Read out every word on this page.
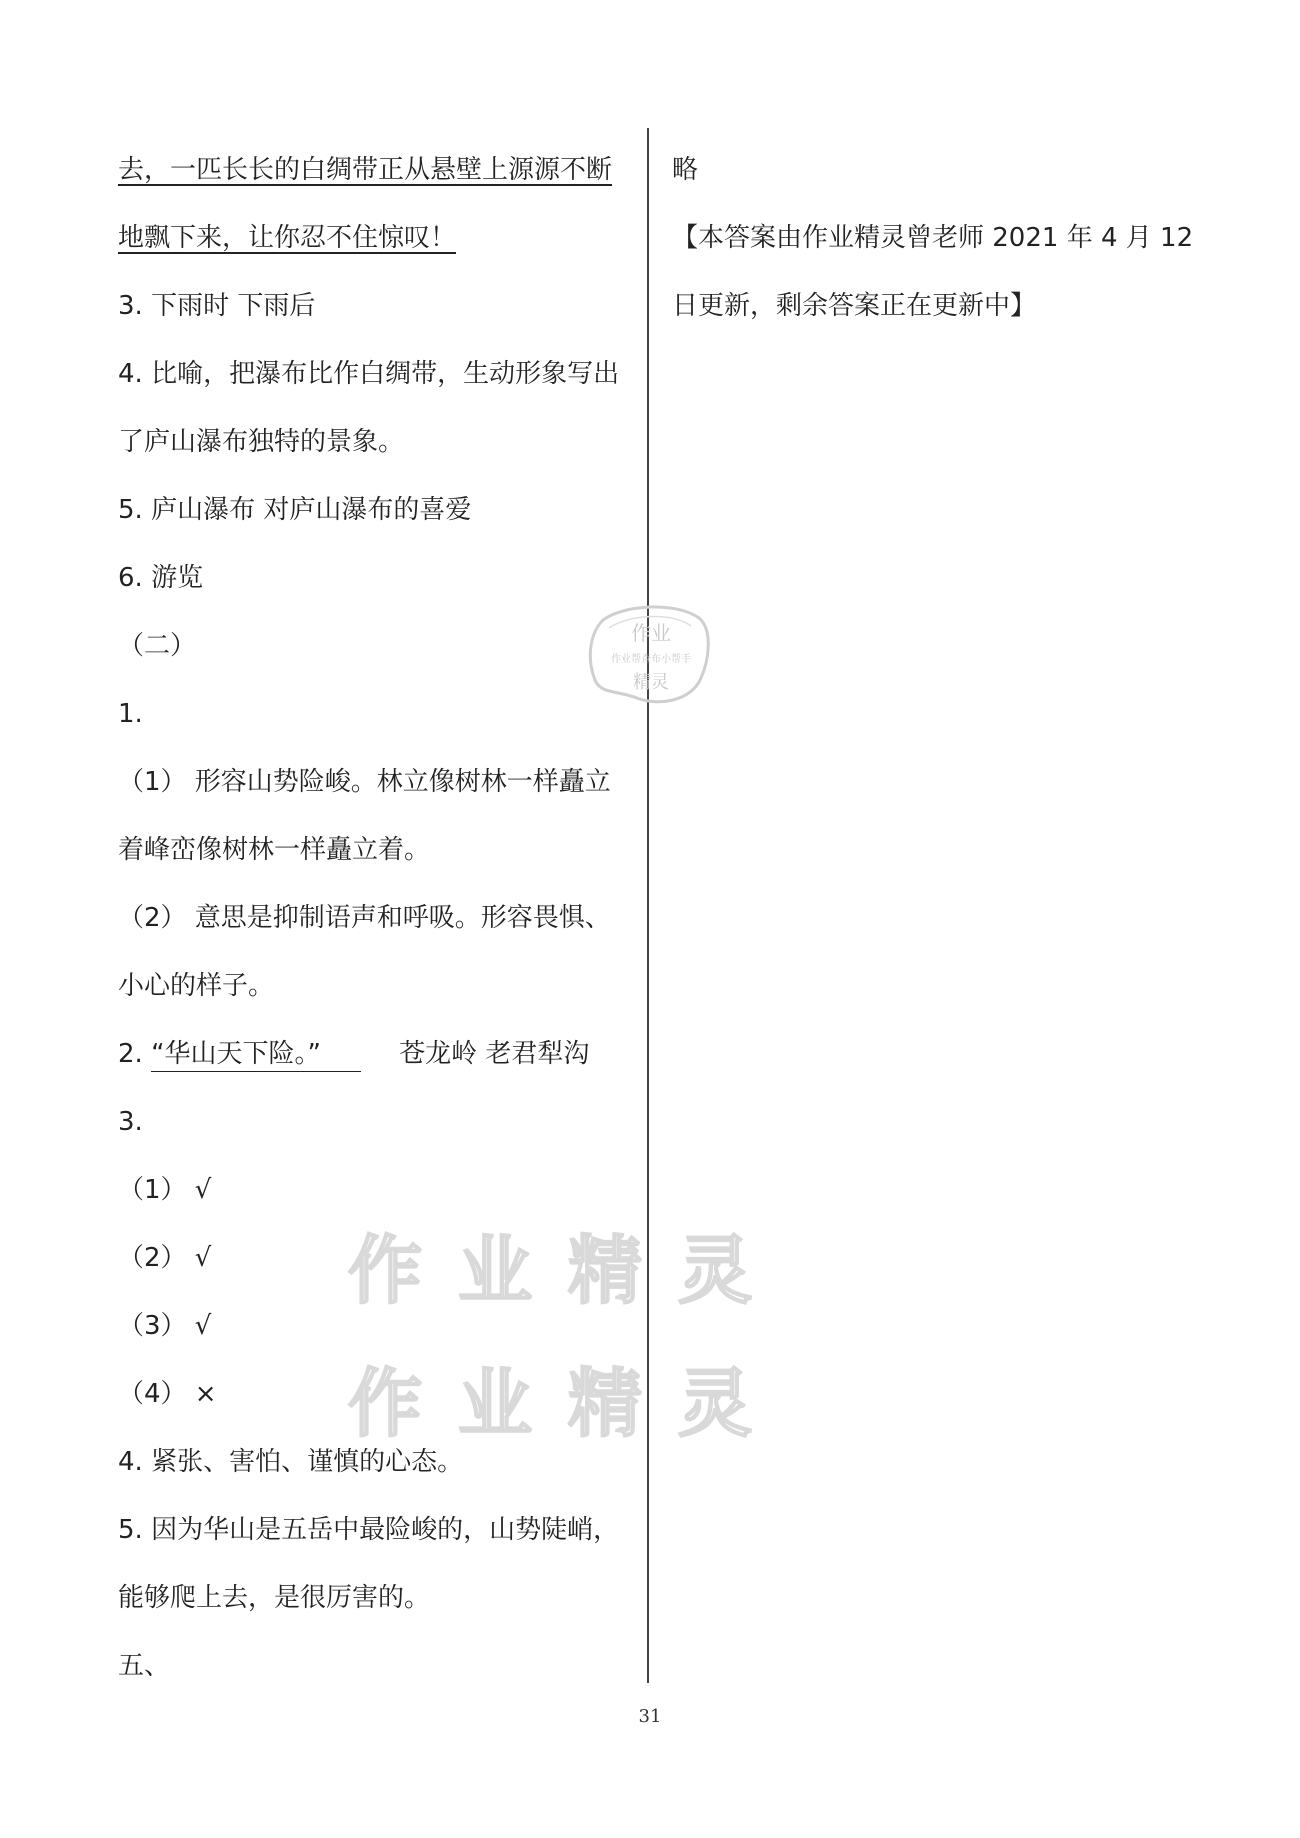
去，一匹长长的白绸带正从悬壁上源源不断
地飘下来，让你忍不住惊叹！
3. 下雨时 下雨后
4. 比喻，把瀑布比作白绸带，生动形象写出
了庐山瀑布独特的景象。
5. 庐山瀑布 对庐山瀑布的喜爱
6. 游览
（二）
1.
（1） 形容山势险峻。林立像树林一样矗立
着峰峦像树林一样矗立着。
（2） 意思是抑制语声和呼吸。形容畏惧、
小心的样子。
2. “华山天下险。”	苍龙岭 老君犁沟
3.
（1） √
（2） √
（3） √
（4） ×
4. 紧张、害怕、谨慎的心态。
5. 因为华山是五岳中最险峻的，山势陡峭，
能够爬上去，是很厉害的。
五、
略
【本答案由作业精灵曾老师 2021 年 4 月 12
日更新，剩余答案正在更新中】
作业
作业帮查布小帮手
精灵
作业精灵
作业精灵
31
